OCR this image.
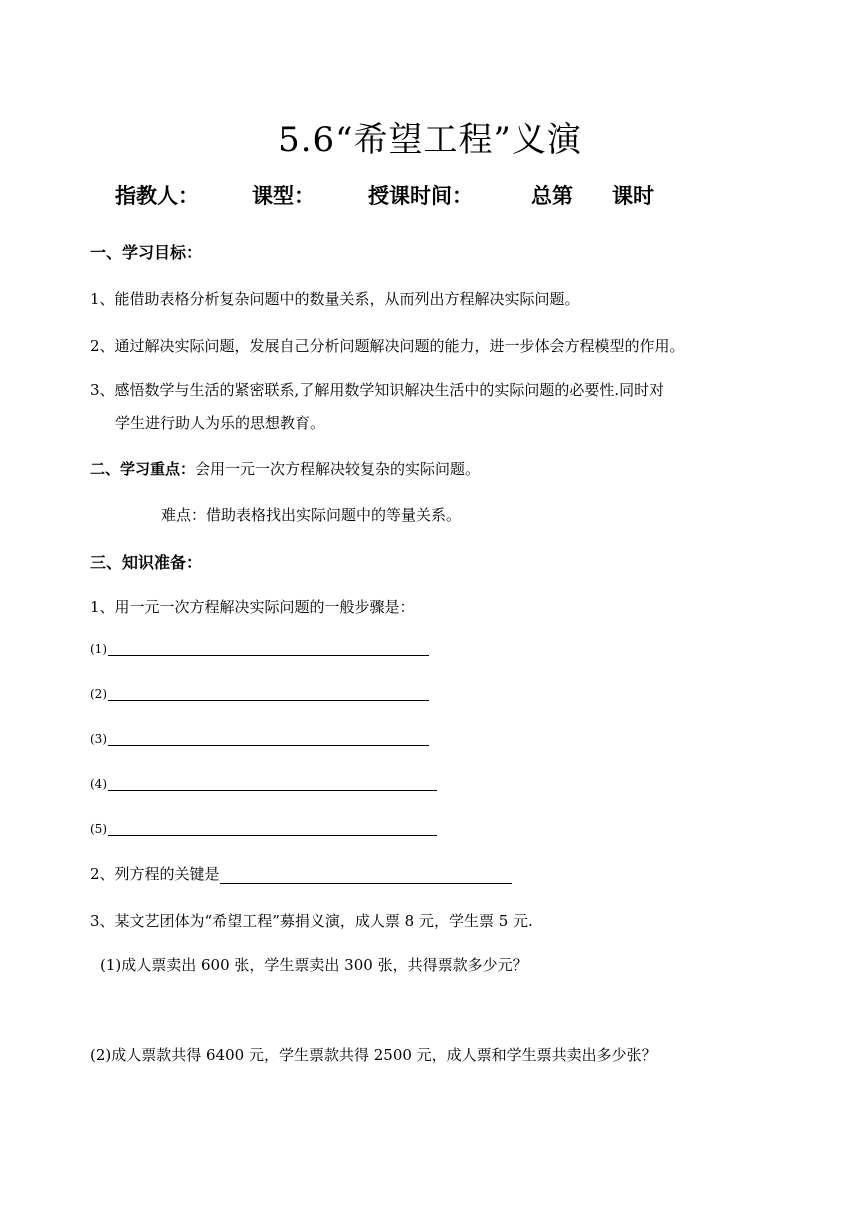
5.6“希望工程”义演
指教人：	课型：	授课时间：	总第 课时
一、学习目标：
1、能借助表格分析复杂问题中的数量关系，从而列出方程解决实际问题。
2、通过解决实际问题，发展自己分析问题解决问题的能力，进一步体会方程模型的作用。
3、感悟数学与生活的紧密联系,了解用数学知识解决生活中的实际问题的必要性.同时对
学生进行助人为乐的思想教育。
二、学习重点：会用一元一次方程解决较复杂的实际问题。
难点：借助表格找出实际问题中的等量关系。
三、知识准备：
1、用一元一次方程解决实际问题的一般步骤是：
(1)
(2)
(3)
(4)
(5)
2、列方程的关键是
3、某文艺团体为“希望工程”募捐义演，成人票 8 元，学生票 5 元.
(1)成人票卖出 600 张，学生票卖出 300 张，共得票款多少元？
(2)成人票款共得 6400 元，学生票款共得 2500 元，成人票和学生票共卖出多少张？
